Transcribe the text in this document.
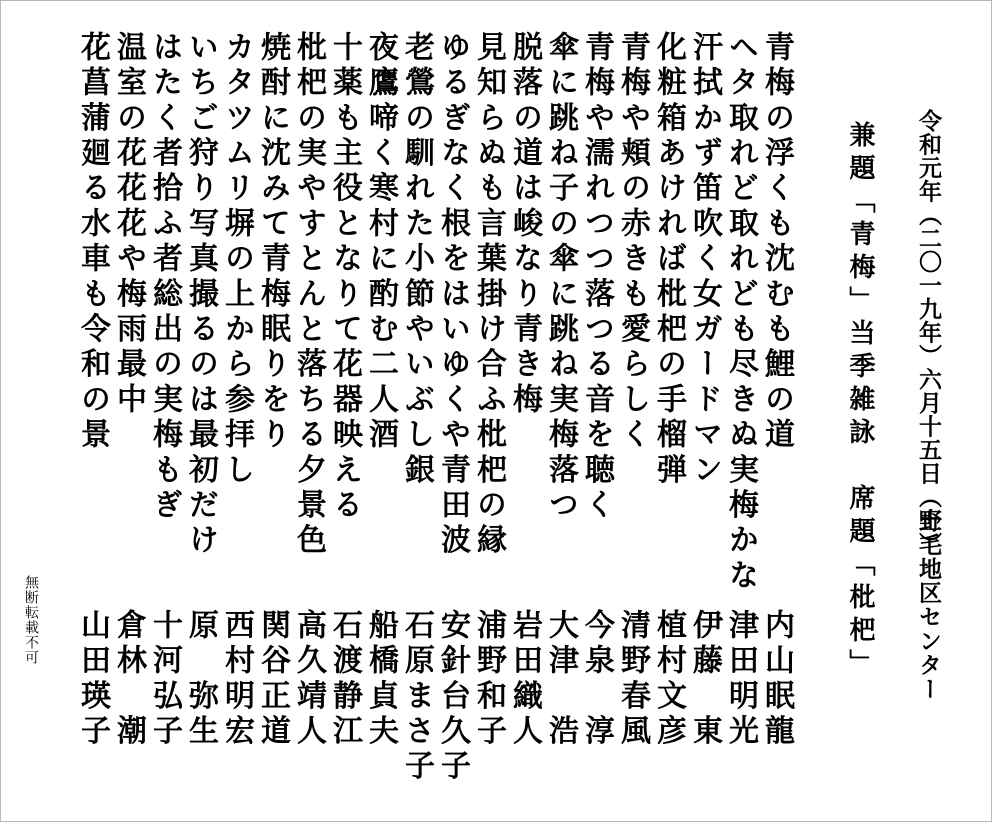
令和元年（二〇一九年）六月十五日（土）
野毛地区センター
兼題「青梅」当季雑詠　席題「枇杷」
青梅の浮くも沈むも鯉の道
ヘタ取れど取れども尽きぬ実梅かな
汗拭かず笛吹く女ガードマン
化粧箱あければ枇杷の手榴弾
青梅や頬の赤きも愛らしく
青梅や濡れつつ落つる音を聴く
傘に跳ね子の傘に跳ね実梅落つ
脱落の道は峻なり青き梅
見知らぬも言葉掛け合ふ枇杷の縁
ゆるぎなく根をはいゆくや青田波
老鶯の馴れた小節やいぶし銀
夜鷹啼く寒村に酌む二人酒
十薬も主役となりて花器映える
枇杷の実やすとんと落ちる夕景色
焼酎に沈みて青梅眠りをり
カタツムリ塀の上から参拝し
いちご狩り写真撮るのは最初だけ
はたく者拾ふ者総出の実梅もぎ
温室の花花花や梅雨最中
花菖蒲廻る水車も令和の景
内山眠龍
津田明光
伊藤　東
植村文彦
清野春風
今泉　淳
大津　浩
岩田織人
浦野和子
安針台久子
石原まさ子
船橋貞夫
石渡静江
高久靖人
関谷正道
西村明宏
原　弥生
十河弘子
倉林　潮
山田瑛子
無断転載不可
